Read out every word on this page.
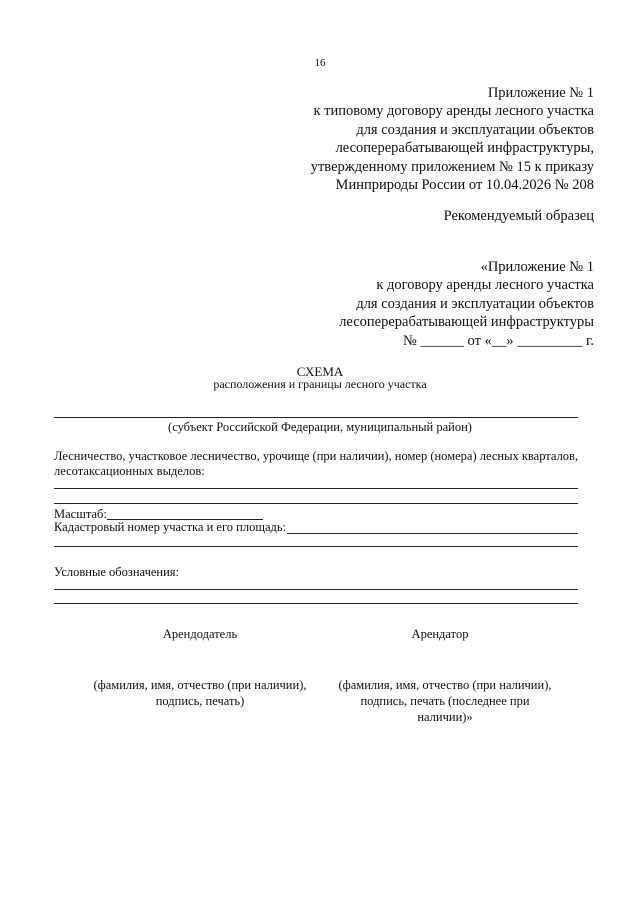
16
Приложение № 1
к типовому договору аренды лесного участка
для создания и эксплуатации объектов
лесоперерабатывающей инфраструктуры,
утвержденному приложением № 15 к приказу
Минприроды России от 10.04.2026 № 208
Рекомендуемый образец
«Приложение № 1
к договору аренды лесного участка
для создания и эксплуатации объектов
лесоперерабатывающей инфраструктуры
№ ______ от «__» _________ г.
СХЕМА
расположения и границы лесного участка
(субъект Российской Федерации, муниципальный район)
Лесничество, участковое лесничество, урочище (при наличии), номер (номера) лесных кварталов,
лесотаксационных выделов:
Масштаб:
Кадастровый номер участка и его площадь:
Условные обозначения:
Арендодатель	Арендатор
(фамилия, имя, отчество (при наличии),
подпись, печать)
(фамилия, имя, отчество (при наличии),
подпись, печать (последнее при
наличии)»
